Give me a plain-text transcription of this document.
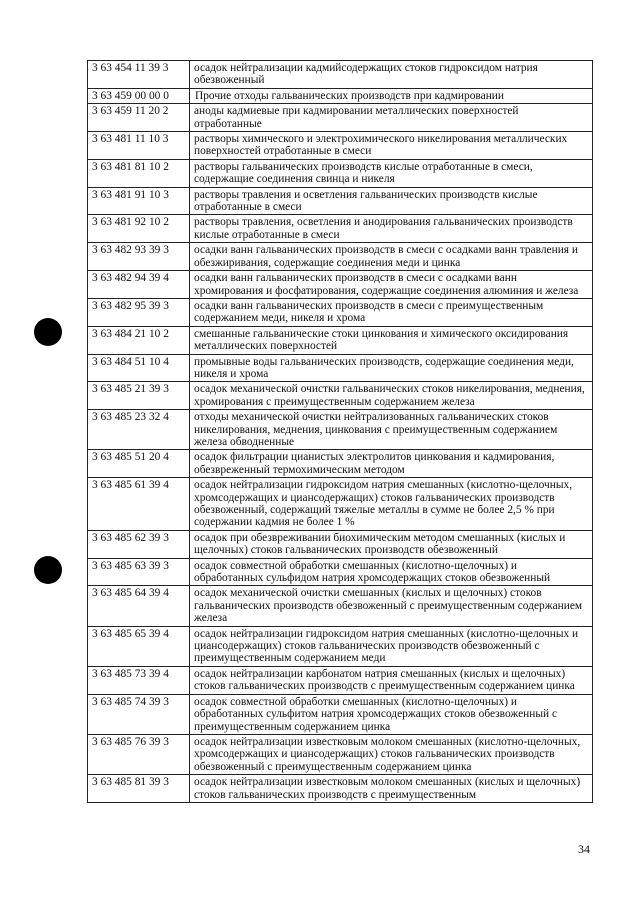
3 63 454 11 39 3	осадок нейтрализации кадмийсодержащих стоков гидроксидом натрия обезвоженный
3 63 459 00 00 0	Прочие отходы гальванических производств при кадмировании
3 63 459 11 20 2	аноды кадмиевые при кадмировании металлических поверхностей отработанные
3 63 481 11 10 3	растворы химического и электрохимического никелирования металлических поверхностей отработанные в смеси
3 63 481 81 10 2	растворы гальванических производств кислые отработанные в смеси, содержащие соединения свинца и никеля
3 63 481 91 10 3	растворы травления и осветления гальванических производств кислые отработанные в смеси
3 63 481 92 10 2	растворы травления, осветления и анодирования гальванических производств кислые отработанные в смеси
3 63 482 93 39 3	осадки ванн гальванических производств в смеси с осадками ванн травления и обезжиривания, содержащие соединения меди и цинка
3 63 482 94 39 4	осадки ванн гальванических производств в смеси с осадками ванн хромирования и фосфатирования, содержащие соединения алюминия и железа
3 63 482 95 39 3	осадки ванн гальванических производств в смеси с преимущественным содержанием меди, никеля и хрома
3 63 484 21 10 2	смешанные гальванические стоки цинкования и химического оксидирования металлических поверхностей
3 63 484 51 10 4	промывные воды гальванических производств, содержащие соединения меди, никеля и хрома
3 63 485 21 39 3	осадок механической очистки гальванических стоков никелирования, меднения, хромирования с преимущественным содержанием железа
3 63 485 23 32 4	отходы механической очистки нейтрализованных гальванических стоков никелирования, меднения, цинкования с преимущественным содержанием железа обводненные
3 63 485 51 20 4	осадок фильтрации цианистых электролитов цинкования и кадмирования, обезвреженный термохимическим методом
3 63 485 61 39 4	осадок нейтрализации гидроксидом натрия смешанных (кислотно-щелочных, хромсодержащих и циансодержащих) стоков гальванических производств обезвоженный, содержащий тяжелые металлы в сумме не более 2,5 % при содержании кадмия не более 1 %
3 63 485 62 39 3	осадок при обезвреживании биохимическим методом смешанных (кислых и щелочных) стоков гальванических производств обезвоженный
3 63 485 63 39 3	осадок совместной обработки смешанных (кислотно-щелочных) и обработанных сульфидом натрия хромсодержащих стоков обезвоженный
3 63 485 64 39 4	осадок механической очистки смешанных (кислых и щелочных) стоков гальванических производств обезвоженный с преимущественным содержанием железа
3 63 485 65 39 4	осадок нейтрализации гидроксидом натрия смешанных (кислотно-щелочных и циансодержащих) стоков гальванических производств обезвоженный с преимущественным содержанием меди
3 63 485 73 39 4	осадок нейтрализации карбонатом натрия смешанных (кислых и щелочных) стоков гальванических производств с преимущественным содержанием цинка
3 63 485 74 39 3	осадок совместной обработки смешанных (кислотно-щелочных) и обработанных сульфитом натрия хромсодержащих стоков обезвоженный с преимущественным содержанием цинка
3 63 485 76 39 3	осадок нейтрализации известковым молоком смешанных (кислотно-щелочных, хромсодержащих и циансодержащих) стоков гальванических производств обезвоженный с преимущественным содержанием цинка
3 63 485 81 39 3	осадок нейтрализации известковым молоком смешанных (кислых и щелочных) стоков гальванических производств с преимущественным
34
